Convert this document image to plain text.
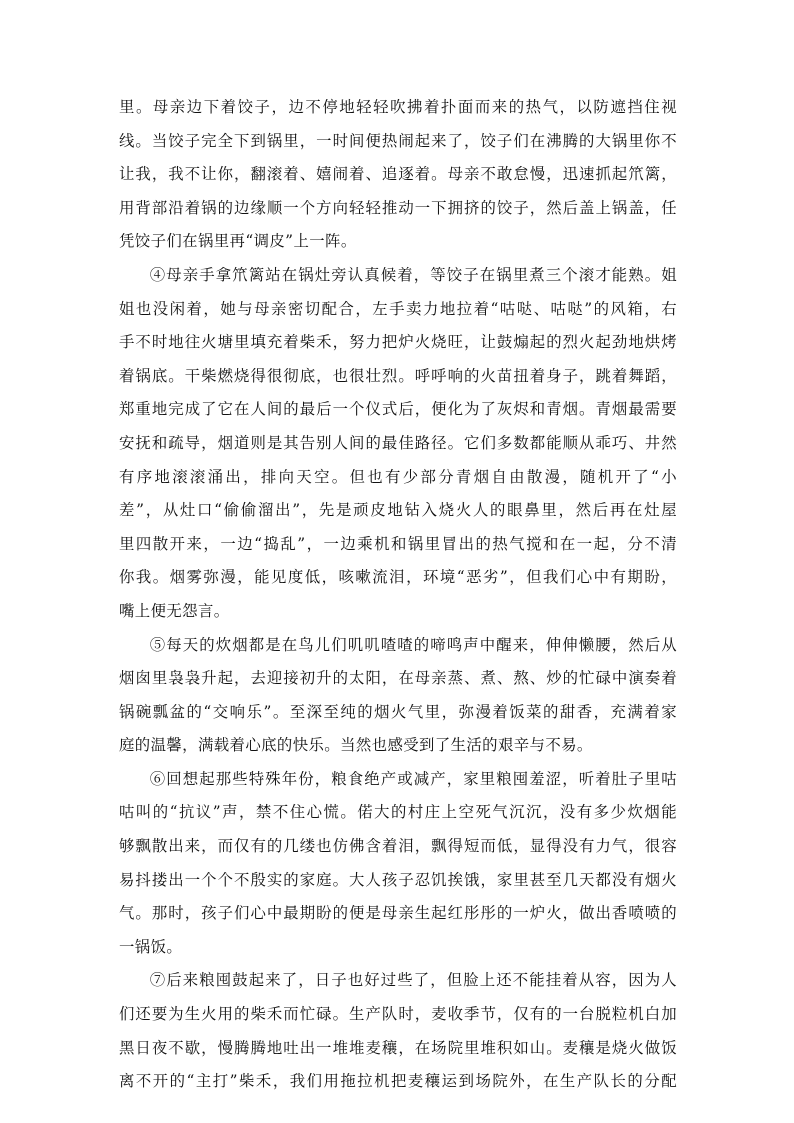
里。母亲边下着饺子，边不停地轻轻吹拂着扑面而来的热气，以防遮挡住视
线。当饺子完全下到锅里，一时间便热闹起来了，饺子们在沸腾的大锅里你不
让我，我不让你，翻滚着、嬉闹着、追逐着。母亲不敢怠慢，迅速抓起笊篱，
用背部沿着锅的边缘顺一个方向轻轻推动一下拥挤的饺子，然后盖上锅盖，任
凭饺子们在锅里再“调皮”上一阵。
④母亲手拿笊篱站在锅灶旁认真候着，等饺子在锅里煮三个滚才能熟。姐
姐也没闲着，她与母亲密切配合，左手卖力地拉着“咕哒、咕哒”的风箱，右
手不时地往火塘里填充着柴禾，努力把炉火烧旺，让鼓煽起的烈火起劲地烘烤
着锅底。干柴燃烧得很彻底，也很壮烈。呼呼响的火苗扭着身子，跳着舞蹈，
郑重地完成了它在人间的最后一个仪式后，便化为了灰烬和青烟。青烟最需要
安抚和疏导，烟道则是其告别人间的最佳路径。它们多数都能顺从乖巧、井然
有序地滚滚涌出，排向天空。但也有少部分青烟自由散漫，随机开了“小
差”，从灶口“偷偷溜出”，先是顽皮地钻入烧火人的眼鼻里，然后再在灶屋
里四散开来，一边“捣乱”，一边乘机和锅里冒出的热气搅和在一起，分不清
你我。烟雾弥漫，能见度低，咳嗽流泪，环境“恶劣”，但我们心中有期盼，
嘴上便无怨言。
⑤每天的炊烟都是在鸟儿们叽叽喳喳的啼鸣声中醒来，伸伸懒腰，然后从
烟囱里袅袅升起，去迎接初升的太阳，在母亲蒸、煮、熬、炒的忙碌中演奏着
锅碗瓢盆的“交响乐”。至深至纯的烟火气里，弥漫着饭菜的甜香，充满着家
庭的温馨，满载着心底的快乐。当然也感受到了生活的艰辛与不易。
⑥回想起那些特殊年份，粮食绝产或减产，家里粮囤羞涩，听着肚子里咕
咕叫的“抗议”声，禁不住心慌。偌大的村庄上空死气沉沉，没有多少炊烟能
够飘散出来，而仅有的几缕也仿佛含着泪，飘得短而低，显得没有力气，很容
易抖搂出一个个不殷实的家庭。大人孩子忍饥挨饿，家里甚至几天都没有烟火
气。那时，孩子们心中最期盼的便是母亲生起红彤彤的一炉火，做出香喷喷的
一锅饭。
⑦后来粮囤鼓起来了，日子也好过些了，但脸上还不能挂着从容，因为人
们还要为生火用的柴禾而忙碌。生产队时，麦收季节，仅有的一台脱粒机白加
黑日夜不歇，慢腾腾地吐出一堆堆麦穰，在场院里堆积如山。麦穰是烧火做饭
离不开的“主打”柴禾，我们用拖拉机把麦穰运到场院外，在生产队长的分配
